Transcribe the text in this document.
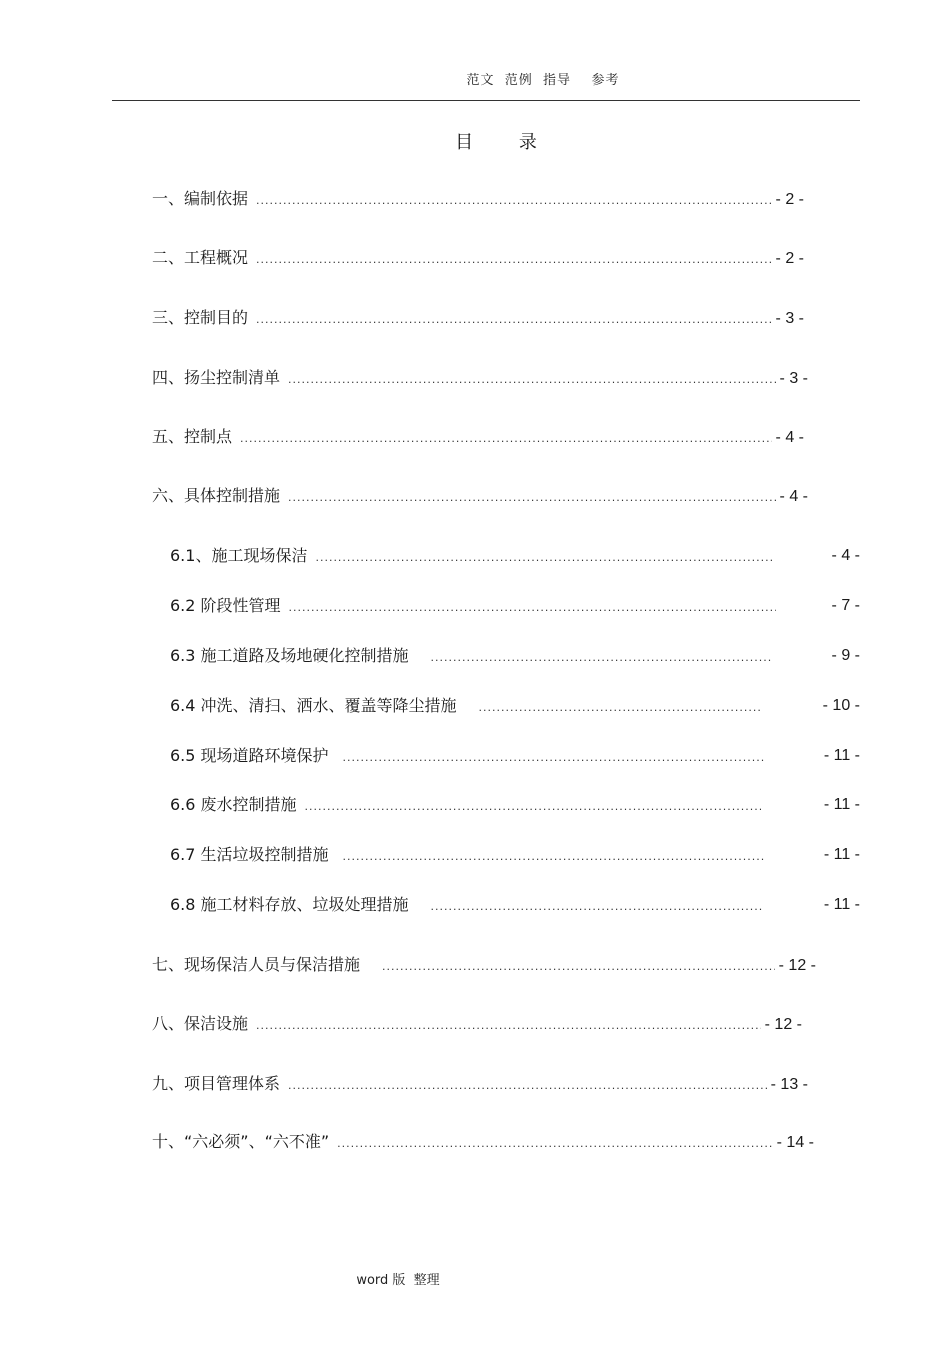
范文  范例  指导    参考
目 录
一、编制依据 .....	- 2 -
二、工程概况 .....	- 2 -
三、控制目的 .....	- 3 -
四、扬尘控制清单 .....	- 3 -
五、控制点 .....	- 4 -
六、具体控制措施 .....	- 4 -
6.1、施工现场保洁 .....	- 4 -
6.2 阶段性管理 .....	- 7 -
6.3 施工道路及场地硬化控制措施 .....	- 9 -
6.4 冲洗、清扫、洒水、覆盖等降尘措施 .....	- 10 -
6.5 现场道路环境保护 .....	- 11 -
6.6 废水控制措施 .....	- 11 -
6.7 生活垃圾控制措施 .....	- 11 -
6.8 施工材料存放、垃圾处理措施 .....	- 11 -
七、现场保洁人员与保洁措施 .....	- 12 -
八、保洁设施 .....	- 12 -
九、项目管理体系 .....	- 13 -
十、“六必须”、“六不准” .....	- 14 -
word 版  整理
